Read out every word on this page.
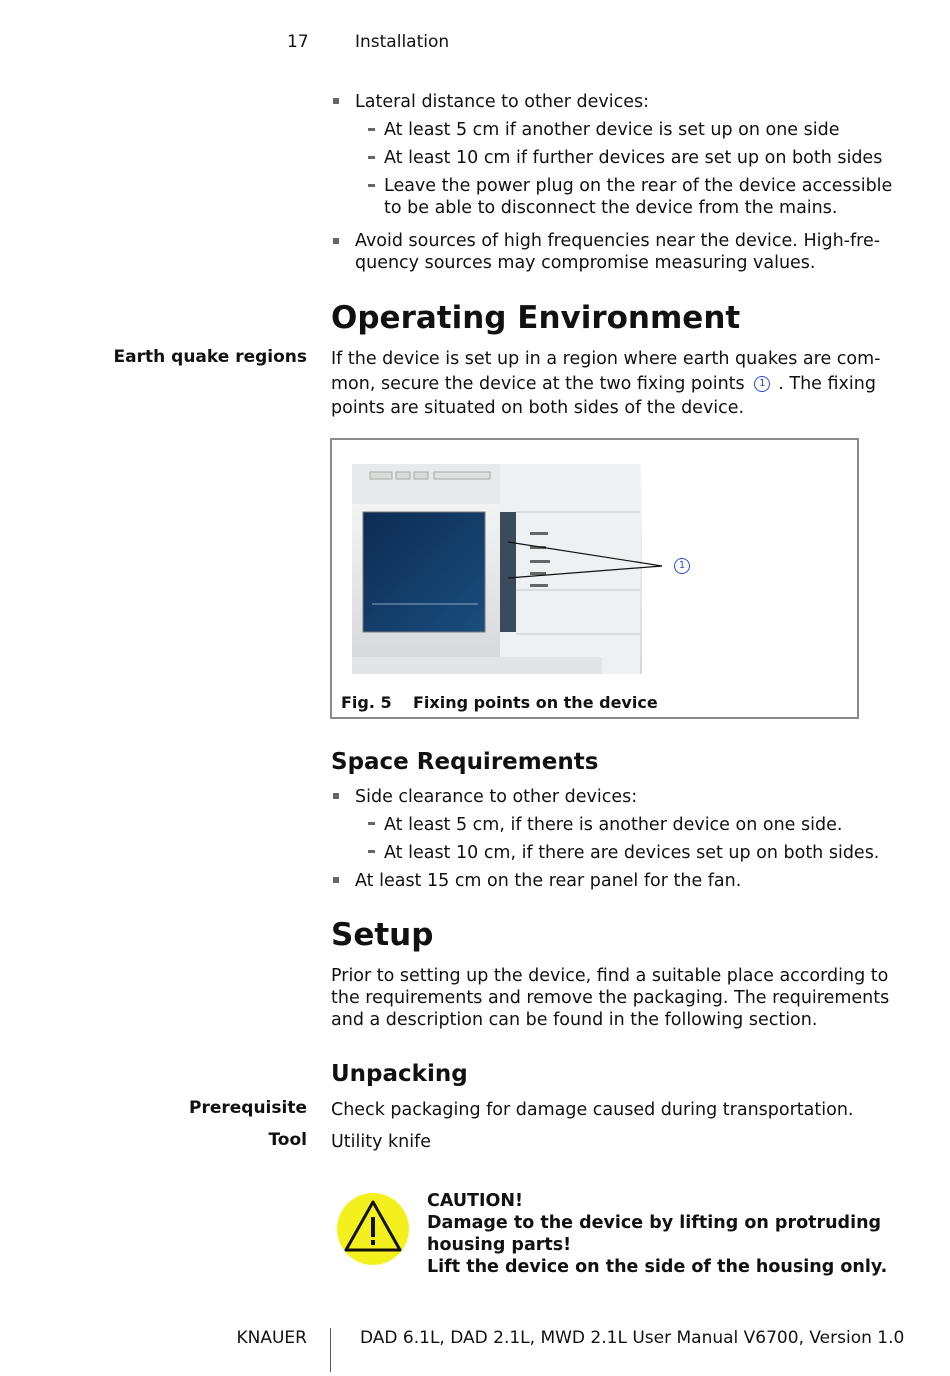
17	Installation
Lateral distance to other devices:
At least 5 cm if another device is set up on one side
At least 10 cm if further devices are set up on both sides
Leave the power plug on the rear of the device accessible
to be able to disconnect the device from the mains.
Avoid sources of high frequencies near the device. High-fre-
quency sources may compromise measuring values.
Operating Environment
Earth quake regions If the device is set up in a region where earth quakes are com-
mon, secure the device at the two fixing points 1 . The fixing
points are situated on both sides of the device.
1
Fig. 5 Fixing points on the device
Space Requirements
Side clearance to other devices:
At least 5 cm, if there is another device on one side.
At least 10 cm, if there are devices set up on both sides.
At least 15 cm on the rear panel for the fan.
Setup
Prior to setting up the device, find a suitable place according to
the requirements and remove the packaging. The requirements
and a description can be found in the following section.
Unpacking
Prerequisite Check packaging for damage caused during transportation.
Tool Utility knife
CAUTION!
Damage to the device by lifting on protruding
housing parts!
Lift the device on the side of the housing only.
KNAUER	DAD 6.1L, DAD 2.1L, MWD 2.1L User Manual V6700, Version 1.0
